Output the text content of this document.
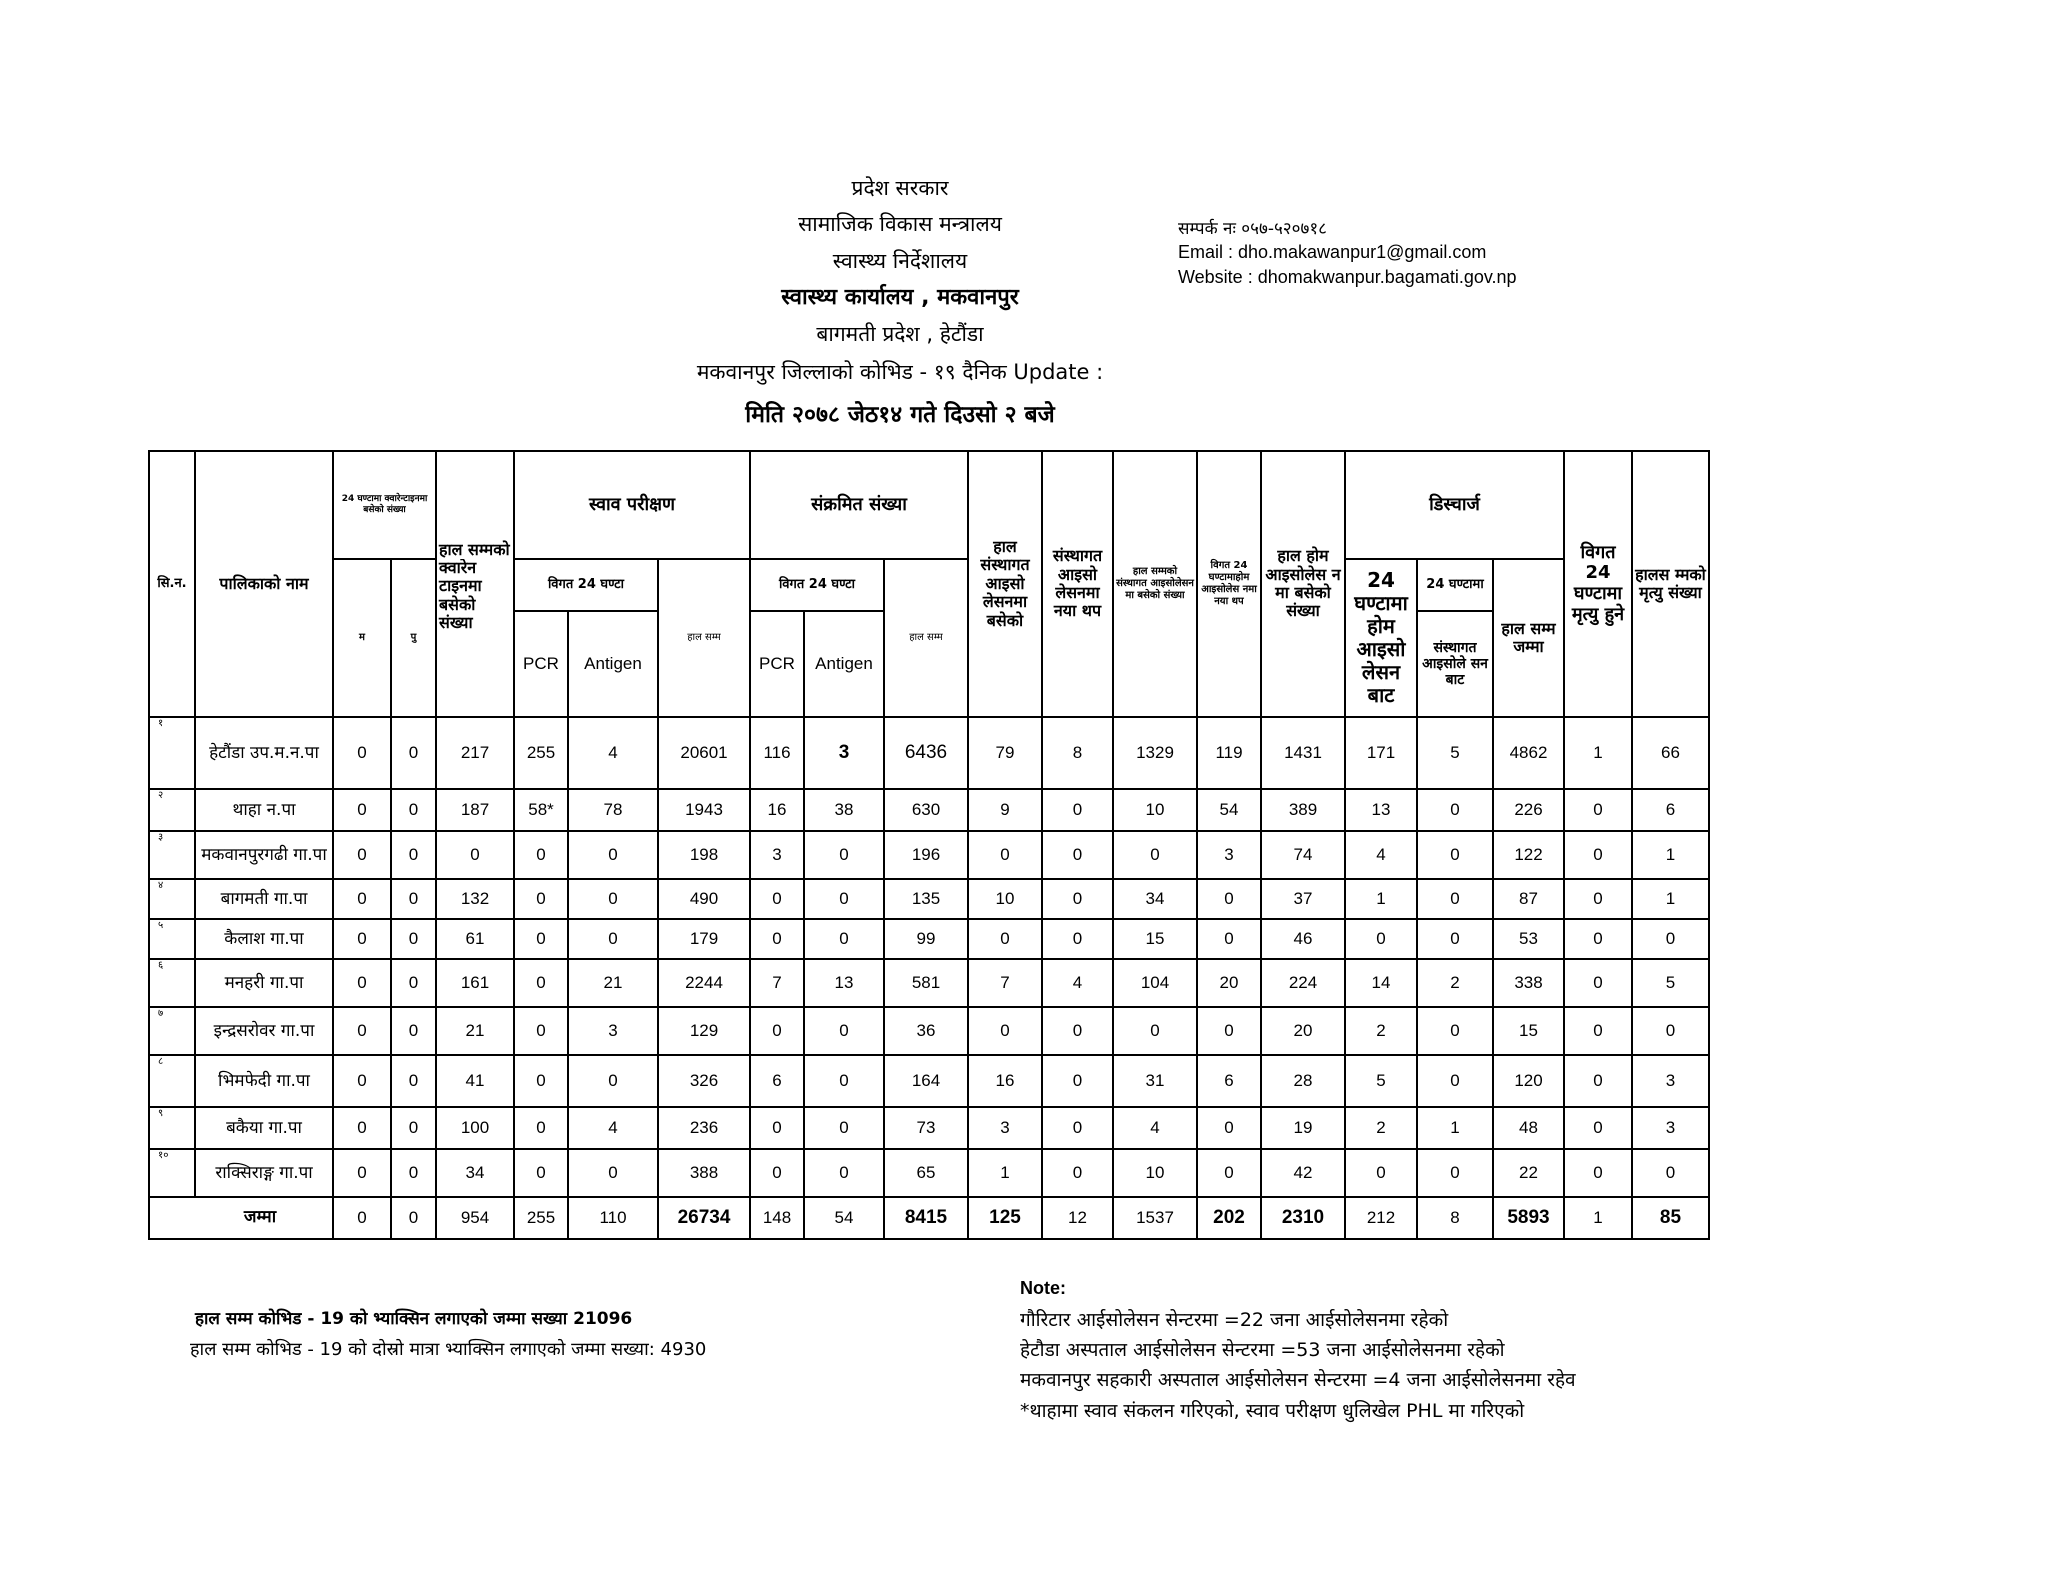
प्रदेश सरकार
सामाजिक विकास मन्त्रालय
स्वास्थ्य निर्देशालय
स्वास्थ्य कार्यालय , मकवानपुर
बागमती प्रदेश , हेटौंडा
मकवानपुर जिल्लाको कोभिड - १९ दैनिक Update :
मिति २०७८ जेठ१४ गते दिउसो २ बजे
सम्पर्क नः ०५७-५२०७१८
Email : dho.makawanpur1@gmail.com
Website : dhomakwanpur.bagamati.gov.np
सि.न.	पालिकाको नाम	24 घण्टामा क्वारेन्टाइनमा बसेको संख्या		हाल सम्मको	स्वाव परीक्षण			संक्रमित संख्या			हाल संस्थागत आइसो लेसनमा बसेको	संस्थागत आइसो लेसनमा नया थप	हाल सम्मको संस्थागत आइसोलेसन मा बसेको संख्या	विगत 24 घण्टामाहोम आइसोलेस नमा नया थप	हाल होम आइसोलेस न मा बसेको संख्या	डिस्चार्ज			विगत 24 घण्टामा मृत्यु हुने	हालस म्मको मृत्यु संख्या
		म	पु	क्वारेन टाइनमा बसेको संख्या	विगत 24 घण्टा		हाल सम्म	विगत 24 घण्टा		हाल सम्म						24 घण्टामा होम आइसो लेसन बाट	24 घण्टामा	हाल सम्म जम्मा		
					PCR	Antigen		PCR	Antigen								संस्थागत आइसोले सन बाट			
१	हेटौंडा उप.म.न.पा	0	0	217	255	4	20601	116	3	6436	79	8	1329	119	1431	171	5	4862	1	66
२	थाहा न.पा	0	0	187	58*	78	1943	16	38	630	9	0	10	54	389	13	0	226	0	6
३	मकवानपुरगढी गा.पा	0	0	0	0	0	198	3	0	196	0	0	0	3	74	4	0	122	0	1
४	बागमती गा.पा	0	0	132	0	0	490	0	0	135	10	0	34	0	37	1	0	87	0	1
५	कैलाश गा.पा	0	0	61	0	0	179	0	0	99	0	0	15	0	46	0	0	53	0	0
६	मनहरी गा.पा	0	0	161	0	21	2244	7	13	581	7	4	104	20	224	14	2	338	0	5
७	इन्द्रसरोवर गा.पा	0	0	21	0	3	129	0	0	36	0	0	0	0	20	2	0	15	0	0
८	भिमफेदी गा.पा	0	0	41	0	0	326	6	0	164	16	0	31	6	28	5	0	120	0	3
९	बकैया गा.पा	0	0	100	0	4	236	0	0	73	3	0	4	0	19	2	1	48	0	3
१०	राक्सिराङ्ग गा.पा	0	0	34	0	0	388	0	0	65	1	0	10	0	42	0	0	22	0	0
जम्मा		0	0	954	255	110	26734	148	54	8415	125	12	1537	202	2310	212	8	5893	1	85
हाल सम्म कोभिड - 19 को भ्याक्सिन लगाएको जम्मा सख्या 21096
हाल सम्म कोभिड - 19 को दोस्रो मात्रा भ्याक्सिन लगाएको जम्मा सख्या: 4930
Note:
गौरिटार आईसोलेसन सेन्टरमा =22 जना आईसोलेसनमा रहेको
हेटौडा अस्पताल आईसोलेसन सेन्टरमा =53 जना आईसोलेसनमा रहेको
मकवानपुर सहकारी अस्पताल आईसोलेसन सेन्टरमा =4 जना आईसोलेसनमा रहेव
*थाहामा स्वाव संकलन गरिएको, स्वाव परीक्षण धुलिखेल PHL मा गरिएको
